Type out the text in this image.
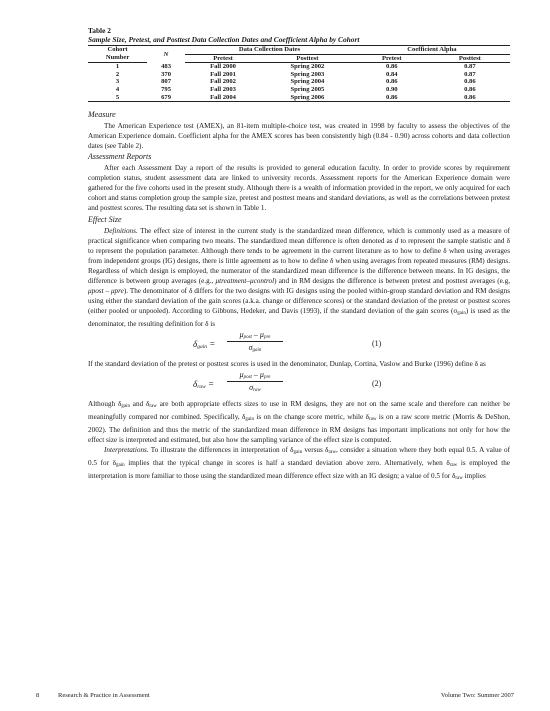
Table 2
Sample Size, Pretest, and Posttest Data Collection Dates and Coefficient Alpha by Cohort
Cohort	N	Data Collection Dates		Coefficient Alpha	
Number		Pretest	Posttest	Pretest	Posttest
1	483	Fall 2000	Spring 2002	0.86	0.87
2	370	Fall 2001	Spring 2003	0.84	0.87
3	807	Fall 2002	Spring 2004	0.86	0.86
4	795	Fall 2003	Spring 2005	0.90	0.86
5	679	Fall 2004	Spring 2006	0.86	0.86
Measure

The American Experience test (AMEX), an 81-item multiple-choice test, was created in 1998 by faculty to assess the objectives of the American Experience domain. Coefficient alpha for the AMEX scores has been consistently high (0.84 - 0.90) across cohorts and data collection dates (see Table 2).

Assessment Reports

After each Assessment Day a report of the results is provided to general education faculty. In order to provide scores by requirement completion status, student assessment data are linked to university records. Assessment reports for the American Experience domain were gathered for the five cohorts used in the present study. Although there is a wealth of information provided in the report, we only acquired for each cohort and status completion group the sample size, pretest and posttest means and standard deviations, as well as the correlations between pretest and posttest scores. The resulting data set is shown in Table 1.

Effect Size

Definitions. The effect size of interest in the current study is the standardized mean difference, which is commonly used as a measure of practical significance when comparing two means. The standardized mean difference is often denoted as d to represent the sample statistic and δ to represent the population parameter. Although there tends to be agreement in the current literature as to how to define δ when using averages from independent groups (IG) designs, there is little agreement as to how to define δ when using averages from repeated measures (RM) designs. Regardless of which design is employed, the numerator of the standardized mean difference is the difference between means. In IG designs, the difference is between group averages (e.g., μtreatment–μcontrol) and in RM designs the difference is between pretest and posttest averages (e.g, μpost – μpre). The denominator of δ differs for the two designs with IG designs using the pooled within-group standard deviation and RM designs using either the standard deviation of the gain scores (a.k.a. change or difference scores) or the standard deviation of the pretest or posttest scores (either pooled or unpooled). According to Gibbons, Hedeker, and Davis (1993), if the standard deviation of the gain scores $(\sigma_{gain})$ is used as the denominator, the resulting definition for δ is

$\delta_{gain}$ =
$\mu_{post} - \mu_{pre}$
$\sigma_{gain}$
(1)

If the standard deviation of the pretest or posttest scores is used in the denominator, Dunlap, Cortina, Vaslow and Burke (1996) define δ as

$\delta_{raw}$ =
$\mu_{post} - \mu_{pre}$
$\sigma_{raw}$
(2)

Although $\delta_{gain}$ and $\delta_{raw}$ are both appropriate effects sizes to use in RM designs, they are not on the same scale and therefore can neither be meaningfully compared nor combined. Specifically, $\delta_{gain}$ is on the change score metric, while $\delta_{raw}$ is on a raw score metric (Morris & DeShon, 2002). The definition and thus the metric of the standardized mean difference in RM designs has important implications not only for how the effect size is interpreted and estimated, but also how the sampling variance of the effect size is computed.

Interpretations. To illustrate the differences in interpretation of $\delta_{gain}$ versus $\delta_{raw}$, consider a situation where they both equal 0.5. A value of 0.5 for $\delta_{gain}$ implies that the typical change in scores is half a standard deviation above zero. Alternatively, when $\delta_{raw}$ is employed the interpretation is more familiar to those using the standardized mean difference effect size with an IG design; a value of 0.5 for $\delta_{raw}$ implies

8	Research & Practice in Assessment	Volume Two: Summer 2007
